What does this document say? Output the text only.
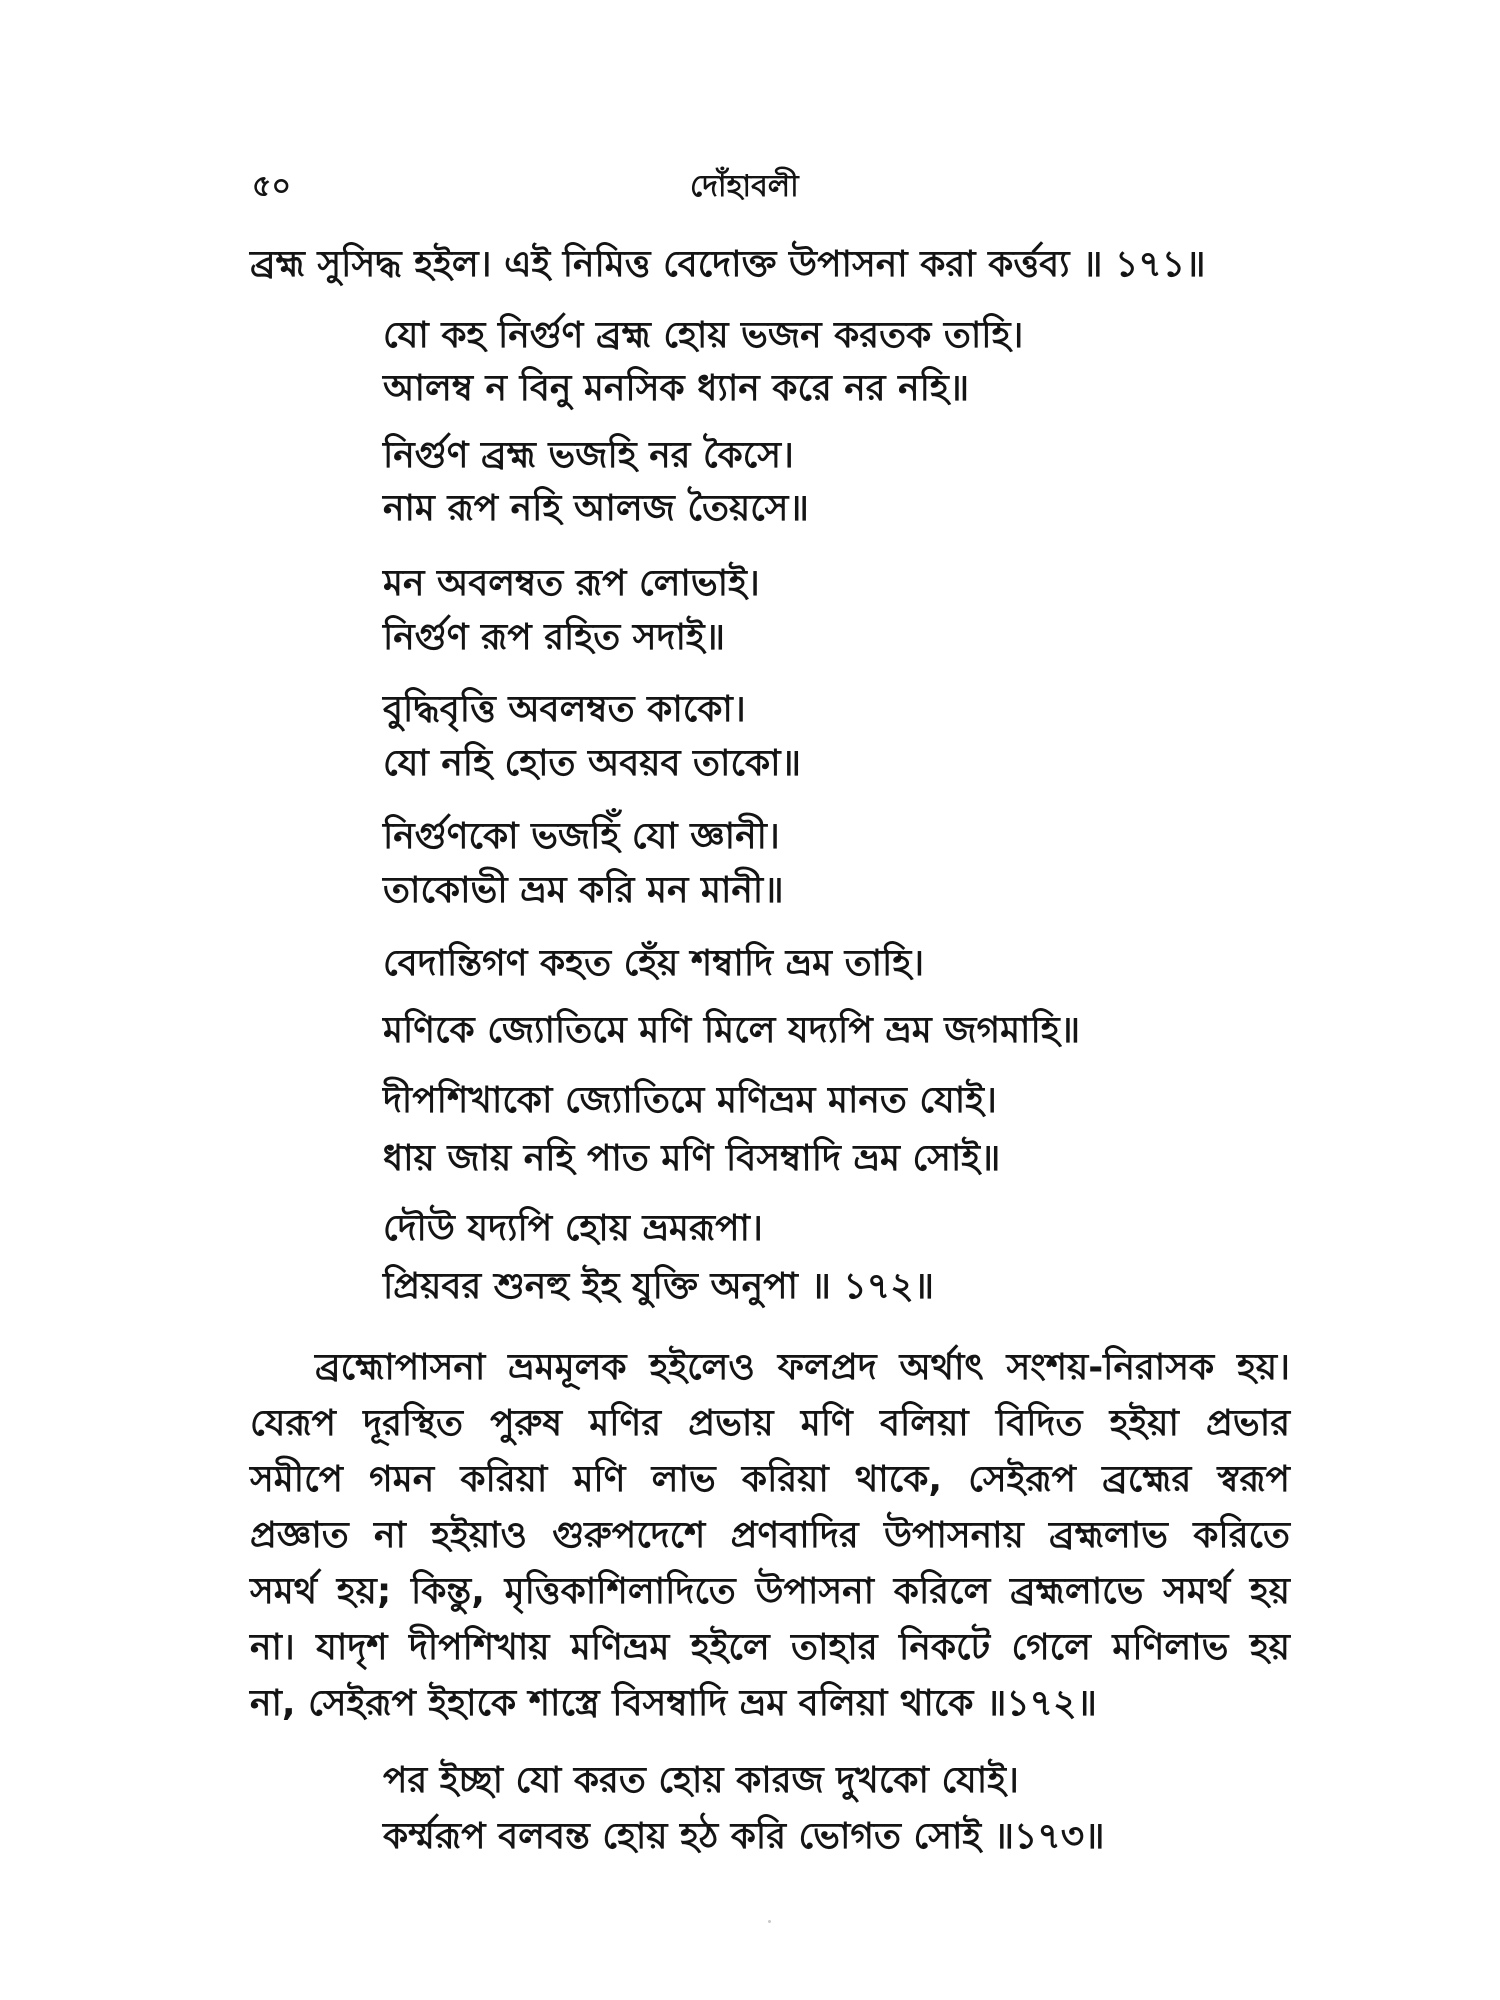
৫০	দোঁহাবলী
ব্রহ্ম সুসিদ্ধ হইল। এই নিমিত্ত বেদোক্ত উপাসনা করা কর্ত্তব্য ॥ ১৭১॥
যো কহ নির্গুণ ব্রহ্ম হোয় ভজন করতক তাহি।
আলম্ব ন বিনু মনসিক ধ্যান করে নর নহি॥
নির্গুণ ব্রহ্ম ভজহি নর কৈসে।
নাম রূপ নহি আলজ তৈয়সে॥
মন অবলম্বত রূপ লোভাই।
নির্গুণ রূপ রহিত সদাই॥
বুদ্ধিবৃত্তি অবলম্বত কাকো।
যো নহি হোত অবয়ব তাকো॥
নির্গুণকো ভজহিঁ যো জ্ঞানী।
তাকোভী ভ্রম করি মন মানী॥
বেদান্তিগণ কহত হেঁয় শম্বাদি ভ্রম তাহি।
মণিকে জ্যোতিমে মণি মিলে যদ্যপি ভ্রম জগমাহি॥
দীপশিখাকো জ্যোতিমে মণিভ্রম মানত যোই।
ধায় জায় নহি পাত মণি বিসম্বাদি ভ্রম সোই॥
দৌউ যদ্যপি হোয় ভ্রমরূপা।
প্রিয়বর শুনহু ইহ যুক্তি অনুপা ॥ ১৭২॥
ব্রহ্মোপাসনা ভ্রমমূলক হইলেও ফলপ্রদ অর্থাৎ সংশয়-নিরাসক হয়।
যেরূপ দূরস্থিত পুরুষ মণির প্রভায় মণি বলিয়া বিদিত হইয়া প্রভার
সমীপে গমন করিয়া মণি লাভ করিয়া থাকে, সেইরূপ ব্রহ্মের স্বরূপ
প্রজ্ঞাত না হইয়াও গুরুপদেশে প্রণবাদির উপাসনায় ব্রহ্মলাভ করিতে
সমর্থ হয়; কিন্তু, মৃত্তিকাশিলাদিতে উপাসনা করিলে ব্রহ্মলাভে সমর্থ হয়
না। যাদৃশ দীপশিখায় মণিভ্রম হইলে তাহার নিকটে গেলে মণিলাভ হয়
না, সেইরূপ ইহাকে শাস্ত্রে বিসম্বাদি ভ্রম বলিয়া থাকে ॥১৭২॥
পর ইচ্ছা যো করত হোয় কারজ দুখকো যোই।
কর্ম্মরূপ বলবন্ত হোয় হঠ করি ভোগত সোই ॥১৭৩॥
